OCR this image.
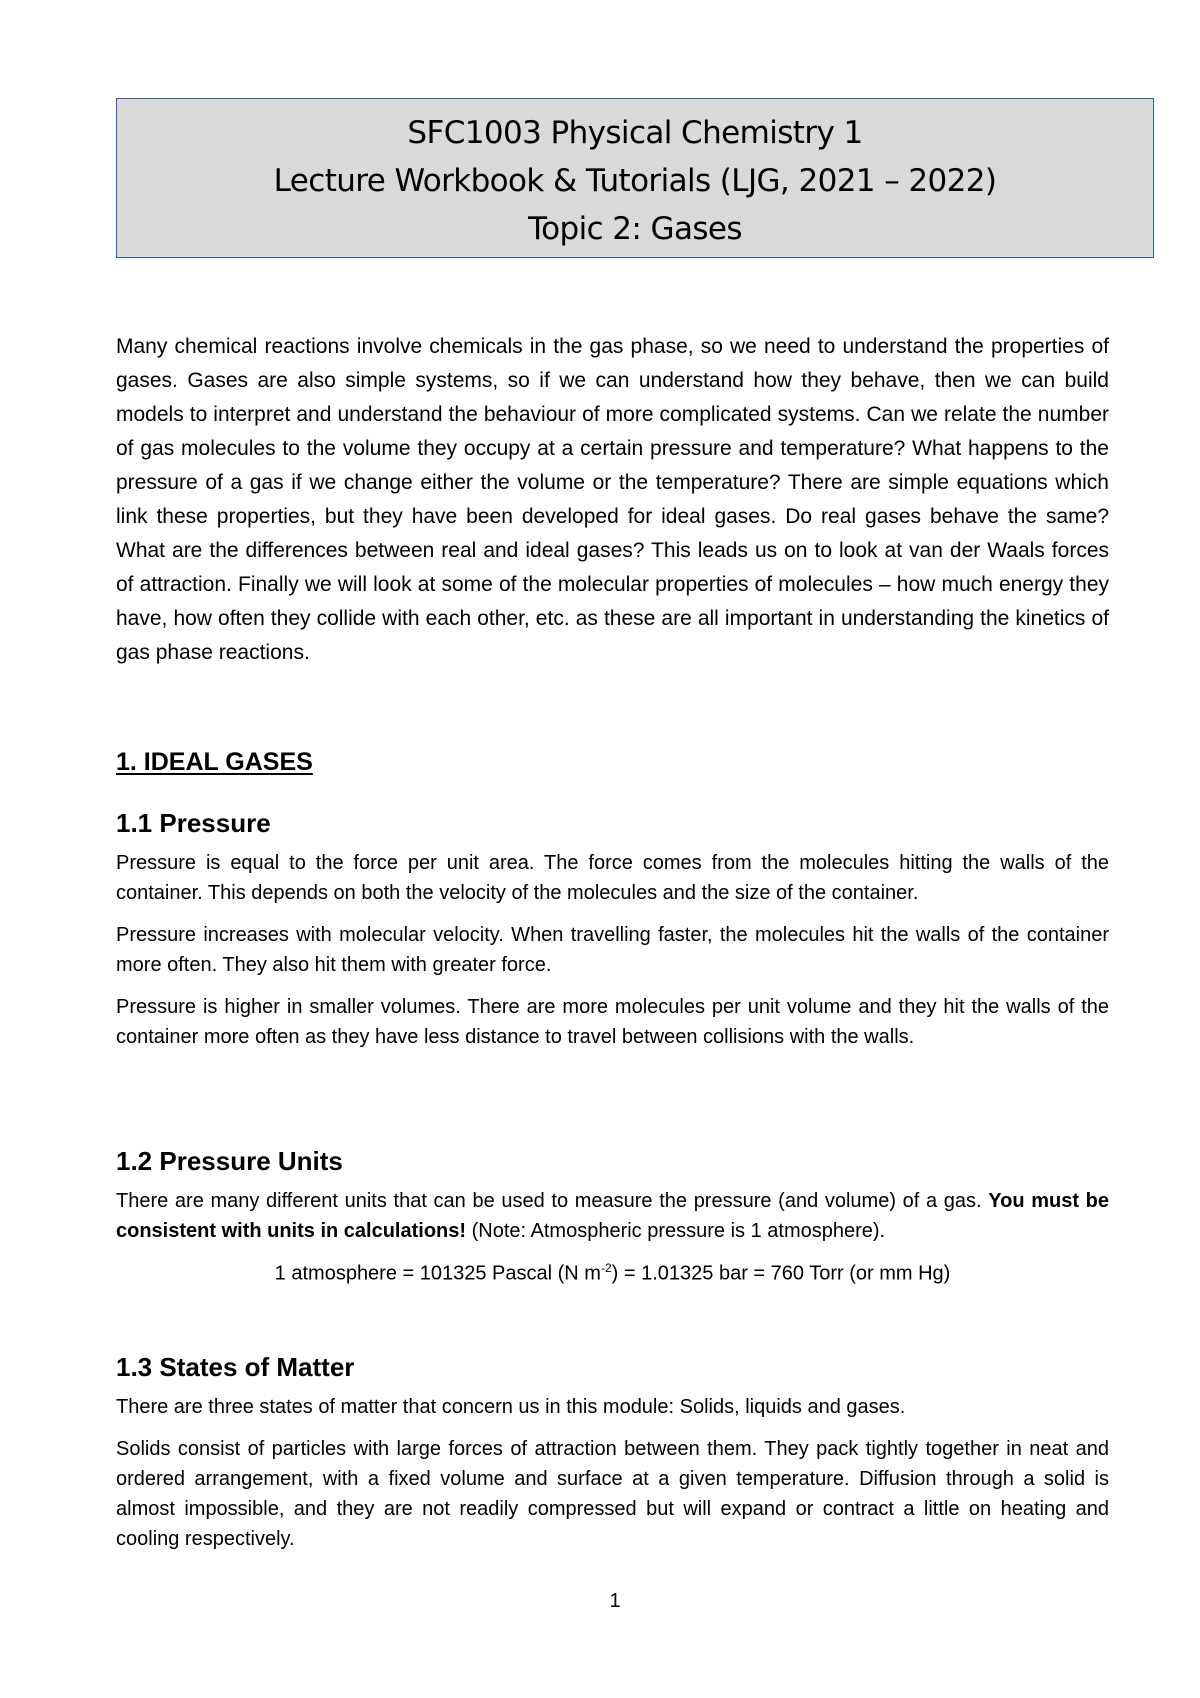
SFC1003 Physical Chemistry 1
Lecture Workbook & Tutorials (LJG, 2021 – 2022)
Topic 2: Gases

Many chemical reactions involve chemicals in the gas phase, so we need to understand the properties of gases. Gases are also simple systems, so if we can understand how they behave, then we can build models to interpret and understand the behaviour of more complicated systems. Can we relate the number of gas molecules to the volume they occupy at a certain pressure and temperature? What happens to the pressure of a gas if we change either the volume or the temperature? There are simple equations which link these properties, but they have been developed for ideal gases. Do real gases behave the same? What are the differences between real and ideal gases? This leads us on to look at van der Waals forces of attraction. Finally we will look at some of the molecular properties of molecules – how much energy they have, how often they collide with each other, etc. as these are all important in understanding the kinetics of gas phase reactions.

1. IDEAL GASES
1.1 Pressure

Pressure is equal to the force per unit area. The force comes from the molecules hitting the walls of the container. This depends on both the velocity of the molecules and the size of the container.

Pressure increases with molecular velocity. When travelling faster, the molecules hit the walls of the container more often. They also hit them with greater force.

Pressure is higher in smaller volumes. There are more molecules per unit volume and they hit the walls of the container more often as they have less distance to travel between collisions with the walls.

1.2 Pressure Units

There are many different units that can be used to measure the pressure (and volume) of a gas. You must be consistent with units in calculations! (Note: Atmospheric pressure is 1 atmosphere).

1 atmosphere = 101325 Pascal (N $m^{-2}) = 1.01325$ bar = 760 Torr (or mm Hg)
1.3 States of Matter

There are three states of matter that concern us in this module: Solids, liquids and gases.

Solids consist of particles with large forces of attraction between them. They pack tightly together in neat and ordered arrangement, with a fixed volume and surface at a given temperature. Diffusion through a solid is almost impossible, and they are not readily compressed but will expand or contract a little on heating and cooling respectively.

1
